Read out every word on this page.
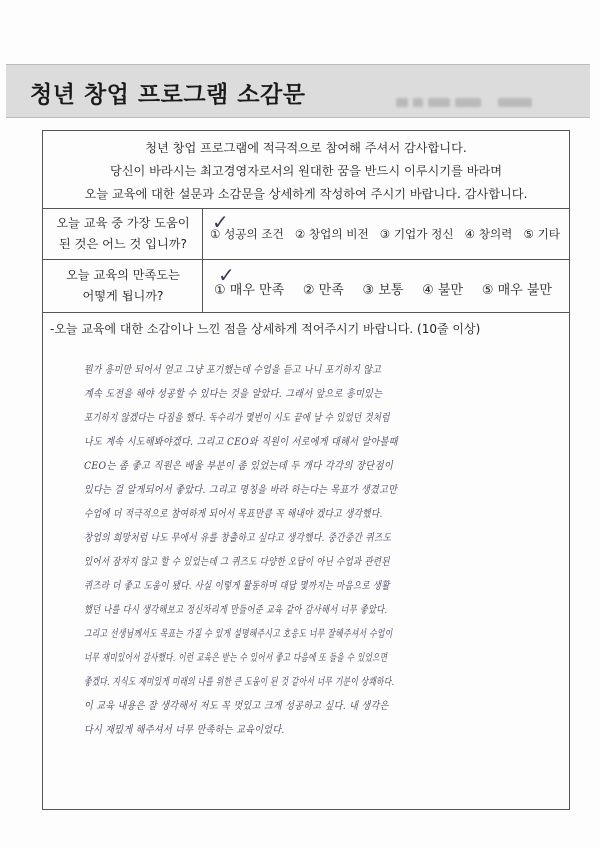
청년 창업 프로그램 소감문
청년 창업 프로그램에 적극적으로 참여해 주셔서 감사합니다.
당신이 바라시는 최고경영자로서의 원대한 꿈을 반드시 이루시기를 바라며
오늘 교육에 대한 설문과 소감문을 상세하게 작성하여 주시기 바랍니다. 감사합니다.
오늘 교육 중 가장 도움이
된 것은 어느 것 입니까?
① 성공의 조건 ② 창업의 비전 ③ 기업가 정신 ④ 창의력 ⑤ 기타
✓
오늘 교육의 만족도는
어떻게 됩니까?	① 매우 만족 ② 만족 ③ 보통 ④ 불만 ⑤ 매우 불만
✓
-오늘 교육에 대한 소감이나 느낀 점을 상세하게 적어주시기 바랍니다. (10줄 이상)
뭔가 흥미만 되어서 얻고 그냥 포기했는데 수업을 듣고 나니 포기하지 않고
계속 도전을 해야 성공할 수 있다는 것을 알았다. 그래서 앞으로 흥미있는
포기하지 않겠다는 다짐을 했다. 독수리가 몇번이 시도 끝에 날 수 있었던 것처럼
나도 계속 시도해봐야겠다. 그리고 CEO와 직원이 서로에게 대해서 알아볼때
CEO는 좀 좋고 직원은 배울 부분이 좀 있었는데 두 개다 각각의 장단점이
있다는 걸 알게되어서 좋았다. 그리고 명칭을 바라 하는다는 목표가 생겼고만
수업에 더 적극적으로 참여하게 되어서 목표만큼 꼭 해내야 겠다고 생각했다.
창업의 희망처럼 나도 무에서 유를 창출하고 싶다고 생각했다. 중간중간 퀴즈도
있어서 잠자지 않고 할 수 있었는데 그 퀴즈도 다양한 오답이 아닌 수업과 관련된
퀴즈라 더 좋고 도움이 됐다. 사실 이렇게 활동하며 대답 몇까지는 마음으로 생활
했던 나를 다시 생각해보고 정신차리게 만들어준 교육 같아 감사해서 너무 좋았다.
그리고 선생님께서도 목표는 가질 수 있게 설명해주시고 호응도 너무 잘해주셔서 수업이
너무 재미있어서 감사했다. 이런 교육은 받는 수 있어서 좋고 다음에 또 들을 수 있었으면
좋겠다. 지식도 재미있게 미래의 나를 위한 큰 도움이 된 것 같아서 너무 기분이 상쾌하다.
이 교육 내용은 잘 생각해서 저도 꼭 멋있고 크게 성공하고 싶다. 내 생각은
다시 재밌게 해주셔서 너무 만족하는 교육이었다.
